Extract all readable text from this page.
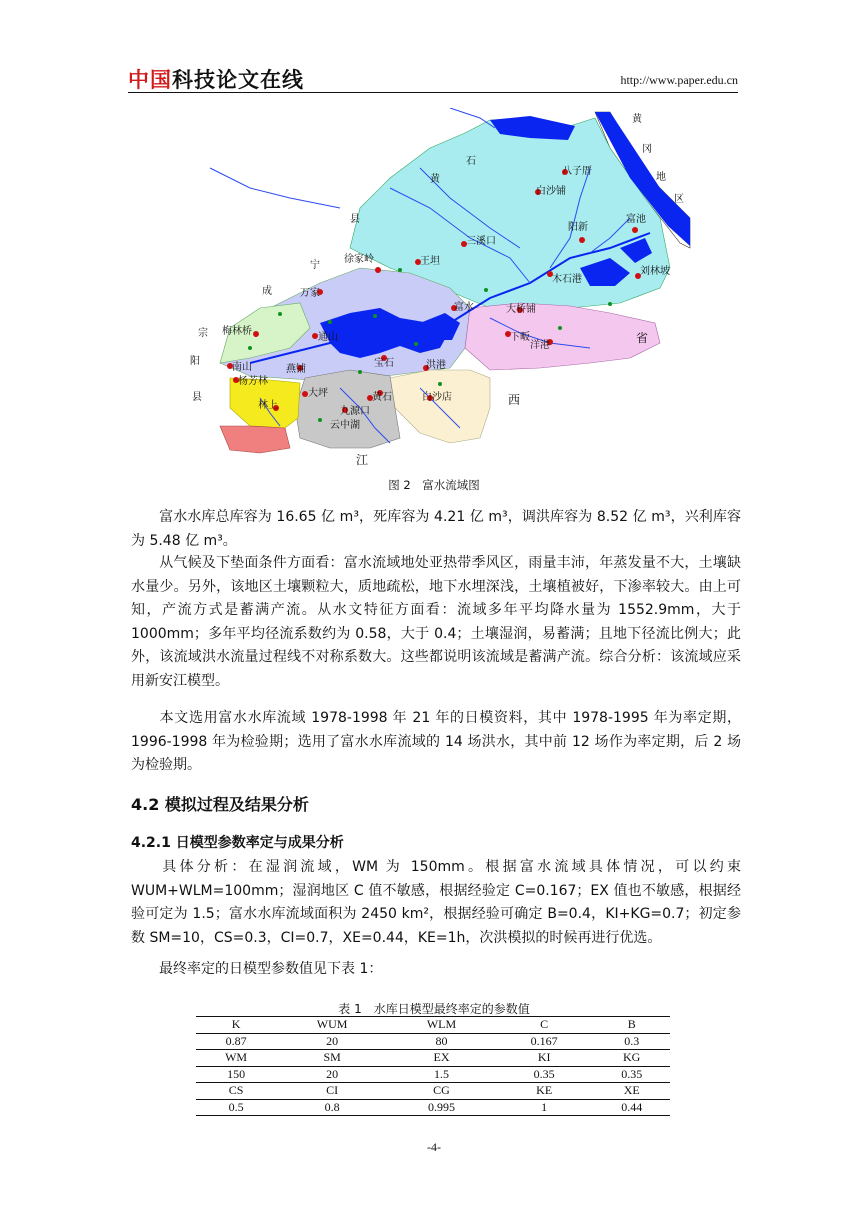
中国科技论文在线	http://www.paper.edu.cn
黄
冈
地
区
石
黄
县
宁
成
宗
阳
县
省
西
江
八子厝
白沙铺
三溪口
阳新
富池
王坦
徐家岭
木石港
刘林坡
万家
富水	大桥铺
梅林桥
通山	下畈
洋港
南山	燕铺	洪港
宝石
杨芳林
大坪	黄石	白沙店
林上
九源口
云中湖
图 2　富水流域图

富水水库总库容为 16.65 亿 m³，死库容为 4.21 亿 m³，调洪库容为 8.52 亿 m³，兴利库容为 5.48 亿 m³。

从气候及下垫面条件方面看：富水流域地处亚热带季风区，雨量丰沛，年蒸发量不大，土壤缺水量少。另外，该地区土壤颗粒大，质地疏松，地下水埋深浅，土壤植被好，下渗率较大。由上可知，产流方式是蓄满产流。从水文特征方面看：流域多年平均降水量为 1552.9mm，大于 1000mm；多年平均径流系数约为 0.58，大于 0.4；土壤湿润，易蓄满；且地下径流比例大；此外，该流域洪水流量过程线不对称系数大。这些都说明该流域是蓄满产流。综合分析：该流域应采用新安江模型。

本文选用富水水库流域 1978-1998 年 21 年的日模资料，其中 1978-1995 年为率定期，1996-1998 年为检验期；选用了富水水库流域的 14 场洪水，其中前 12 场作为率定期，后 2 场为检验期。

4.2 模拟过程及结果分析
4.2.1 日模型参数率定与成果分析

具体分析：在湿润流域，WM 为 150mm。根据富水流域具体情况，可以约束 WUM+WLM=100mm；湿润地区 C 值不敏感，根据经验定 C=0.167；EX 值也不敏感，根据经验可定为 1.5；富水水库流域面积为 2450 km²，根据经验可确定 B=0.4，KI+KG=0.7；初定参数 SM=10，CS=0.3，CI=0.7，XE=0.44，KE=1h，次洪模拟的时候再进行优选。

最终率定的日模型参数值见下表 1：

表 1　水库日模型最终率定的参数值
K	WUM	WLM	C	B
0.87	20	80	0.167	0.3
WM	SM	EX	KI	KG
150	20	1.5	0.35	0.35
CS	CI	CG	KE	XE
0.5	0.8	0.995	1	0.44
-4-
